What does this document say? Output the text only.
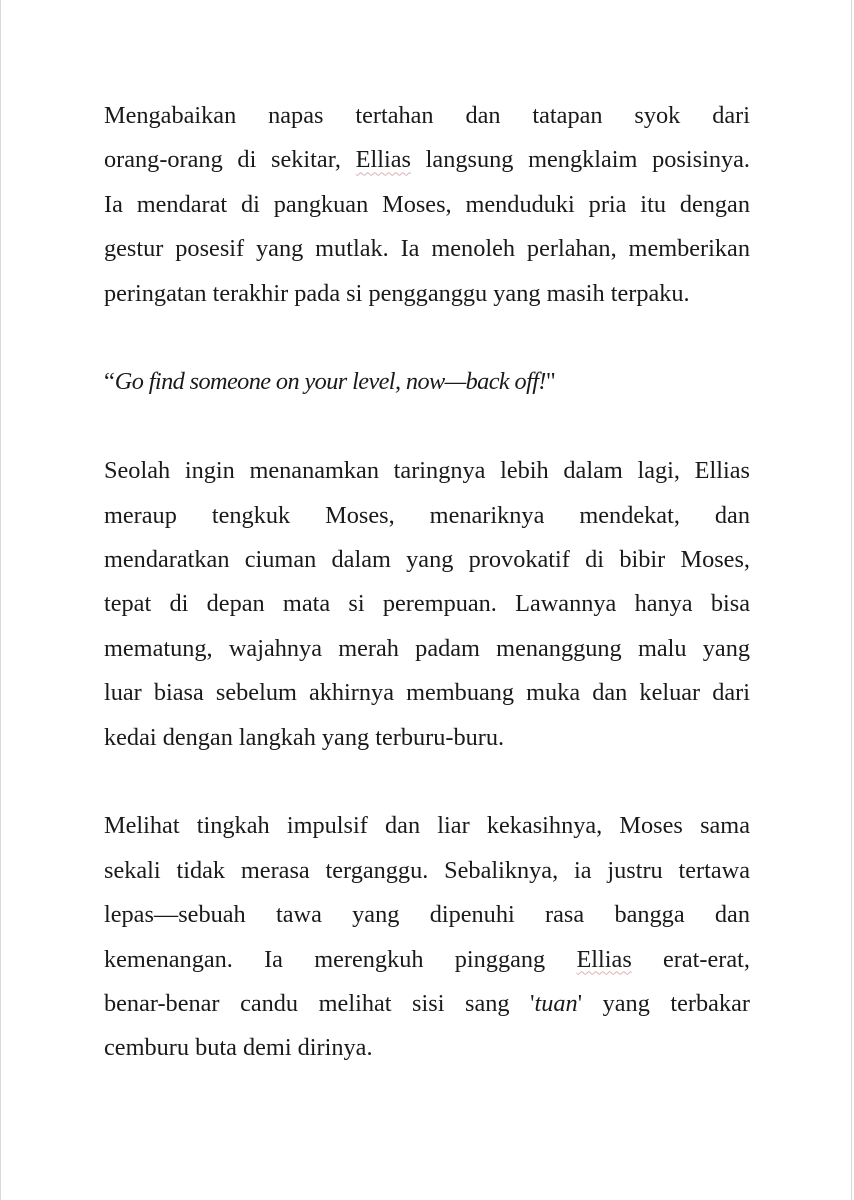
Mengabaikan napas tertahan dan tatapan syok dari
orang-orang di sekitar, Ellias langsung mengklaim posisinya.
Ia mendarat di pangkuan Moses, menduduki pria itu dengan
gestur posesif yang mutlak. Ia menoleh perlahan, memberikan
peringatan terakhir pada si pengganggu yang masih terpaku.
“Go find someone on your level, now—back off!"
Seolah ingin menanamkan taringnya lebih dalam lagi, Ellias
meraup tengkuk Moses, menariknya mendekat, dan
mendaratkan ciuman dalam yang provokatif di bibir Moses,
tepat di depan mata si perempuan. Lawannya hanya bisa
mematung, wajahnya merah padam menanggung malu yang
luar biasa sebelum akhirnya membuang muka dan keluar dari
kedai dengan langkah yang terburu-buru.
Melihat tingkah impulsif dan liar kekasihnya, Moses sama
sekali tidak merasa terganggu. Sebaliknya, ia justru tertawa
lepas—sebuah tawa yang dipenuhi rasa bangga dan
kemenangan. Ia merengkuh pinggang Ellias erat-erat,
benar-benar candu melihat sisi sang 'tuan' yang terbakar
cemburu buta demi dirinya.
